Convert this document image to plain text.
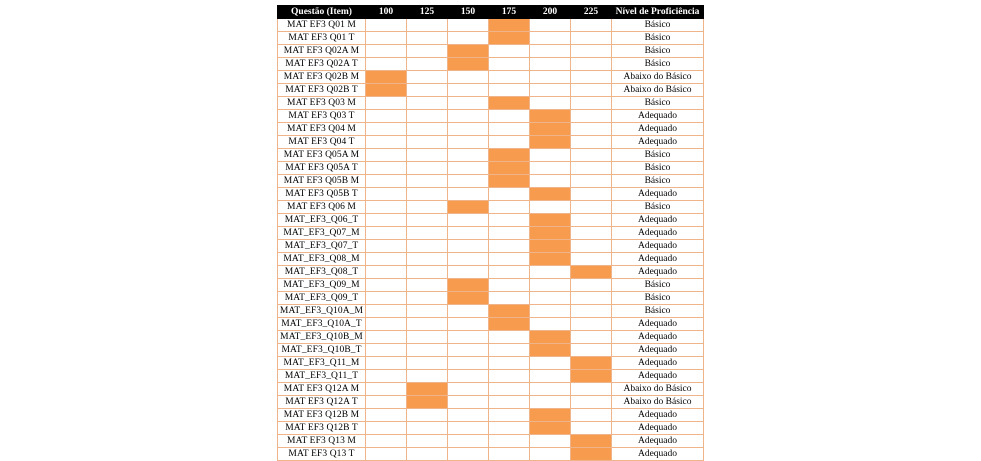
Questão (Item)	100	125	150	175	200	225	Nível de Proficiência
MAT EF3 Q01 M							Básico
MAT EF3 Q01 T							Básico
MAT EF3 Q02A M							Básico
MAT EF3 Q02A T							Básico
MAT EF3 Q02B M							Abaixo do Básico
MAT EF3 Q02B T							Abaixo do Básico
MAT EF3 Q03 M							Básico
MAT EF3 Q03 T							Adequado
MAT EF3 Q04 M							Adequado
MAT EF3 Q04 T							Adequado
MAT EF3 Q05A M							Básico
MAT EF3 Q05A T							Básico
MAT EF3 Q05B M							Básico
MAT EF3 Q05B T							Adequado
MAT EF3 Q06 M							Básico
MAT_EF3_Q06_T							Adequado
MAT_EF3_Q07_M							Adequado
MAT_EF3_Q07_T							Adequado
MAT_EF3_Q08_M							Adequado
MAT_EF3_Q08_T							Adequado
MAT_EF3_Q09_M							Básico
MAT_EF3_Q09_T							Básico
MAT_EF3_Q10A_M							Básico
MAT_EF3_Q10A_T							Adequado
MAT_EF3_Q10B_M							Adequado
MAT_EF3_Q10B_T							Adequado
MAT_EF3_Q11_M							Adequado
MAT_EF3_Q11_T							Adequado
MAT EF3 Q12A M							Abaixo do Básico
MAT EF3 Q12A T							Abaixo do Básico
MAT EF3 Q12B M							Adequado
MAT EF3 Q12B T							Adequado
MAT EF3 Q13 M							Adequado
MAT EF3 Q13 T							Adequado
